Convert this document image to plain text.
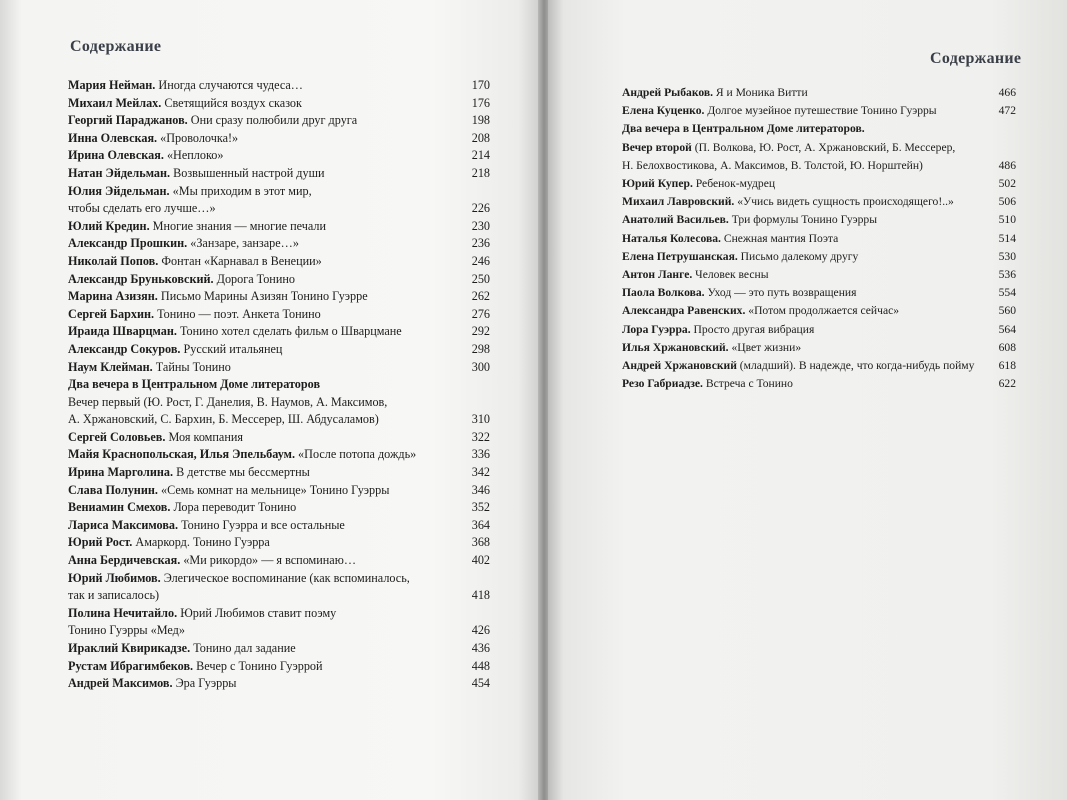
Содержание
Содержание
Мария Нейман. Иногда случаются чудеса…	170
Михаил Мейлах. Светящийся воздух сказок	176
Георгий Параджанов. Они сразу полюбили друг друга	198
Инна Олевская. «Проволочка!»	208
Ирина Олевская. «Неплоко»	214
Натан Эйдельман. Возвышенный настрой души	218
Юлия Эйдельман. «Мы приходим в этот мир,
чтобы сделать его лучше…»	226
Юлий Кредин. Многие знания — многие печали	230
Александр Прошкин. «Занзаре, занзаре…»	236
Николай Попов. Фонтан «Карнавал в Венеции»	246
Александр Бруньковский. Дорога Тонино	250
Марина Азизян. Письмо Марины Азизян Тонино Гуэрре	262
Сергей Бархин. Тонино — поэт. Анкета Тонино	276
Ираида Шварцман. Тонино хотел сделать фильм о Шварцмане	292
Александр Сокуров. Русский итальянец	298
Наум Клейман. Тайны Тонино	300
Два вечера в Центральном Доме литераторов
Вечер первый (Ю. Рост, Г. Данелия, В. Наумов, А. Максимов,
А. Хржановский, С. Бархин, Б. Мессерер, Ш. Абдусаламов)	310
Сергей Соловьев. Моя компания	322
Майя Краснопольская, Илья Эпельбаум. «После потопа дождь»	336
Ирина Марголина. В детстве мы бессмертны	342
Слава Полунин. «Семь комнат на мельнице» Тонино Гуэрры	346
Вениамин Смехов. Лора переводит Тонино	352
Лариса Максимова. Тонино Гуэрра и все остальные	364
Юрий Рост. Амаркорд. Тонино Гуэрра	368
Анна Бердичевская. «Ми рикордо» — я вспоминаю…	402
Юрий Любимов. Элегическое воспоминание (как вспоминалось,
так и записалось)	418
Полина Нечитайло. Юрий Любимов ставит поэму
Тонино Гуэрры «Мед»	426
Ираклий Квирикадзе. Тонино дал задание	436
Рустам Ибрагимбеков. Вечер с Тонино Гуэррой	448
Андрей Максимов. Эра Гуэрры	454
Андрей Рыбаков. Я и Моника Витти	466
Елена Куценко. Долгое музейное путешествие Тонино Гуэрры	472
Два вечера в Центральном Доме литераторов.
Вечер второй (П. Волкова, Ю. Рост, А. Хржановский, Б. Мессерер,
Н. Белохвостикова, А. Максимов, В. Толстой, Ю. Норштейн)	486
Юрий Купер. Ребенок-мудрец	502
Михаил Лавровский. «Учись видеть сущность происходящего!..»	506
Анатолий Васильев. Три формулы Тонино Гуэрры	510
Наталья Колесова. Снежная мантия Поэта	514
Елена Петрушанская. Письмо далекому другу	530
Антон Ланге. Человек весны	536
Паола Волкова. Уход — это путь возвращения	554
Александра Равенских. «Потом продолжается сейчас»	560
Лора Гуэрра. Просто другая вибрация	564
Илья Хржановский. «Цвет жизни»	608
Андрей Хржановский (младший). В надежде, что когда-нибудь пойму 618
Резо Габриадзе. Встреча с Тонино	622
